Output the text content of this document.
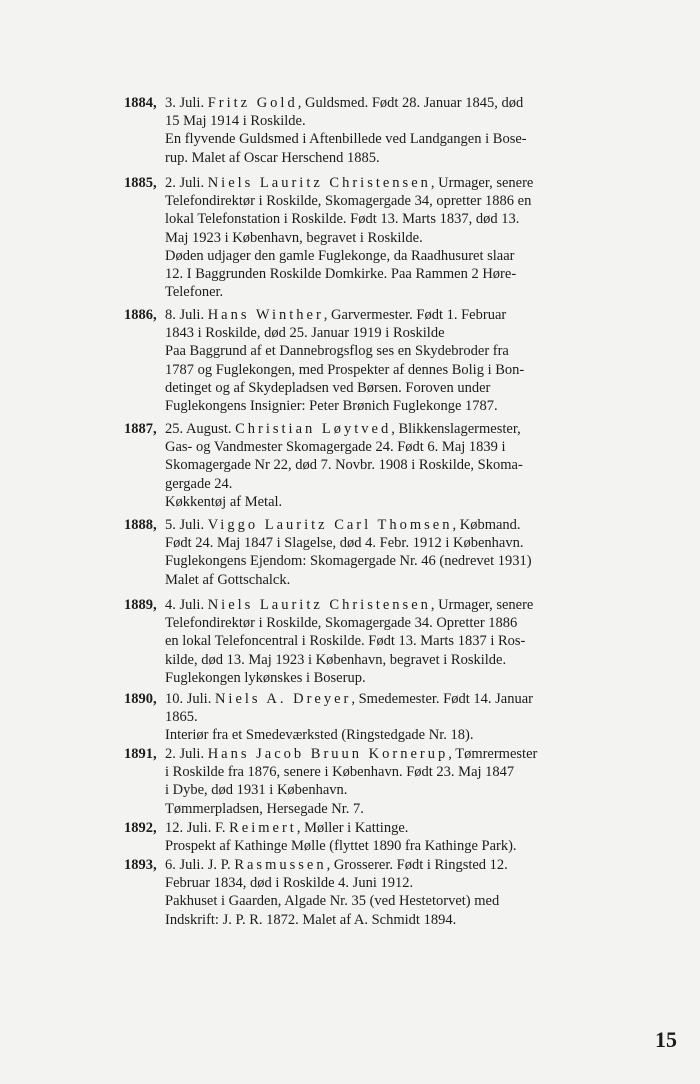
1884, 3. Juli. Fritz Gold, Guldsmed. Født 28. Januar 1845, død
15 Maj 1914 i Roskilde.
En flyvende Guldsmed i Aftenbillede ved Landgangen i Bose-
rup. Malet af Oscar Herschend 1885.
1885, 2. Juli. Niels Lauritz Christensen, Urmager, senere
Telefondirektør i Roskilde, Skomagergade 34, opretter 1886 en
lokal Telefonstation i Roskilde. Født 13. Marts 1837, død 13.
Maj 1923 i København, begravet i Roskilde.
Døden udjager den gamle Fuglekonge, da Raadhusuret slaar
12. I Baggrunden Roskilde Domkirke. Paa Rammen 2 Høre-
Telefoner.
1886, 8. Juli. Hans Winther, Garvermester. Født 1. Februar
1843 i Roskilde, død 25. Januar 1919 i Roskilde
Paa Baggrund af et Dannebrogsflog ses en Skydebroder fra
1787 og Fuglekongen, med Prospekter af dennes Bolig i Bon-
detinget og af Skydepladsen ved Børsen. Foroven under
Fuglekongens Insignier: Peter Brønich Fuglekonge 1787.
1887, 25. August. Christian Løytved, Blikkenslagermester,
Gas- og Vandmester Skomagergade 24. Født 6. Maj 1839 i
Skomagergade Nr 22, død 7. Novbr. 1908 i Roskilde, Skoma-
gergade 24.
Køkkentøj af Metal.
1888, 5. Juli. Viggo Lauritz Carl Thomsen, Købmand.
Født 24. Maj 1847 i Slagelse, død 4. Febr. 1912 i København.
Fuglekongens Ejendom: Skomagergade Nr. 46 (nedrevet 1931)
Malet af Gottschalck.
1889, 4. Juli. Niels Lauritz Christensen, Urmager, senere
Telefondirektør i Roskilde, Skomagergade 34. Opretter 1886
en lokal Telefoncentral i Roskilde. Født 13. Marts 1837 i Ros-
kilde, død 13. Maj 1923 i København, begravet i Roskilde.
Fuglekongen lykønskes i Boserup.
1890, 10. Juli. Niels A. Dreyer, Smedemester. Født 14. Januar
1865.
Interiør fra et Smedeværksted (Ringstedgade Nr. 18).
1891, 2. Juli. Hans Jacob Bruun Kornerup, Tømrermester
i Roskilde fra 1876, senere i København. Født 23. Maj 1847
i Dybe, død 1931 i København.
Tømmerpladsen, Hersegade Nr. 7.
1892, 12. Juli. F. Reimert, Møller i Kattinge.
Prospekt af Kathinge Mølle (flyttet 1890 fra Kathinge Park).
1893, 6. Juli. J. P. Rasmussen, Grosserer. Født i Ringsted 12.
Februar 1834, død i Roskilde 4. Juni 1912.
Pakhuset i Gaarden, Algade Nr. 35 (ved Hestetorvet) med
Indskrift: J. P. R. 1872. Malet af A. Schmidt 1894.
15
